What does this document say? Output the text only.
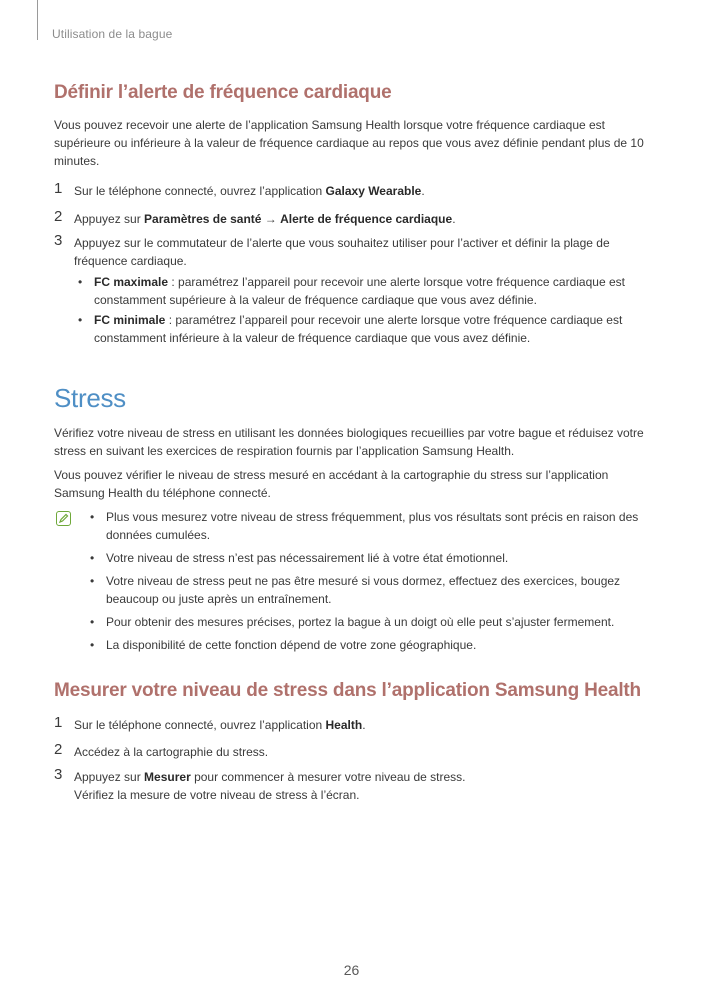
Utilisation de la bague
Définir l’alerte de fréquence cardiaque

Vous pouvez recevoir une alerte de l’application Samsung Health lorsque votre fréquence cardiaque est supérieure ou inférieure à la valeur de fréquence cardiaque au repos que vous avez définie pendant plus de 10 minutes.

1 Sur le téléphone connecté, ouvrez l’application Galaxy Wearable.
2 Appuyez sur Paramètres de santé → Alerte de fréquence cardiaque.
3 Appuyez sur le commutateur de l’alerte que vous souhaitez utiliser pour l’activer et définir la plage de fréquence cardiaque.
• FC maximale : paramétrez l’appareil pour recevoir une alerte lorsque votre fréquence cardiaque est constamment supérieure à la valeur de fréquence cardiaque que vous avez définie.
• FC minimale : paramétrez l’appareil pour recevoir une alerte lorsque votre fréquence cardiaque est constamment inférieure à la valeur de fréquence cardiaque que vous avez définie.
Stress

Vérifiez votre niveau de stress en utilisant les données biologiques recueillies par votre bague et réduisez votre stress en suivant les exercices de respiration fournis par l’application Samsung Health.

Vous pouvez vérifier le niveau de stress mesuré en accédant à la cartographie du stress sur l’application Samsung Health du téléphone connecté.

• Plus vous mesurez votre niveau de stress fréquemment, plus vos résultats sont précis en raison des données cumulées.
• Votre niveau de stress n’est pas nécessairement lié à votre état émotionnel.
• Votre niveau de stress peut ne pas être mesuré si vous dormez, effectuez des exercices, bougez beaucoup ou juste après un entraînement.
• Pour obtenir des mesures précises, portez la bague à un doigt où elle peut s’ajuster fermement.
• La disponibilité de cette fonction dépend de votre zone géographique.
Mesurer votre niveau de stress dans l’application Samsung Health
1 Sur le téléphone connecté, ouvrez l’application Health.
2 Accédez à la cartographie du stress.
3 Appuyez sur Mesurer pour commencer à mesurer votre niveau de stress.
Vérifiez la mesure de votre niveau de stress à l’écran.
26
